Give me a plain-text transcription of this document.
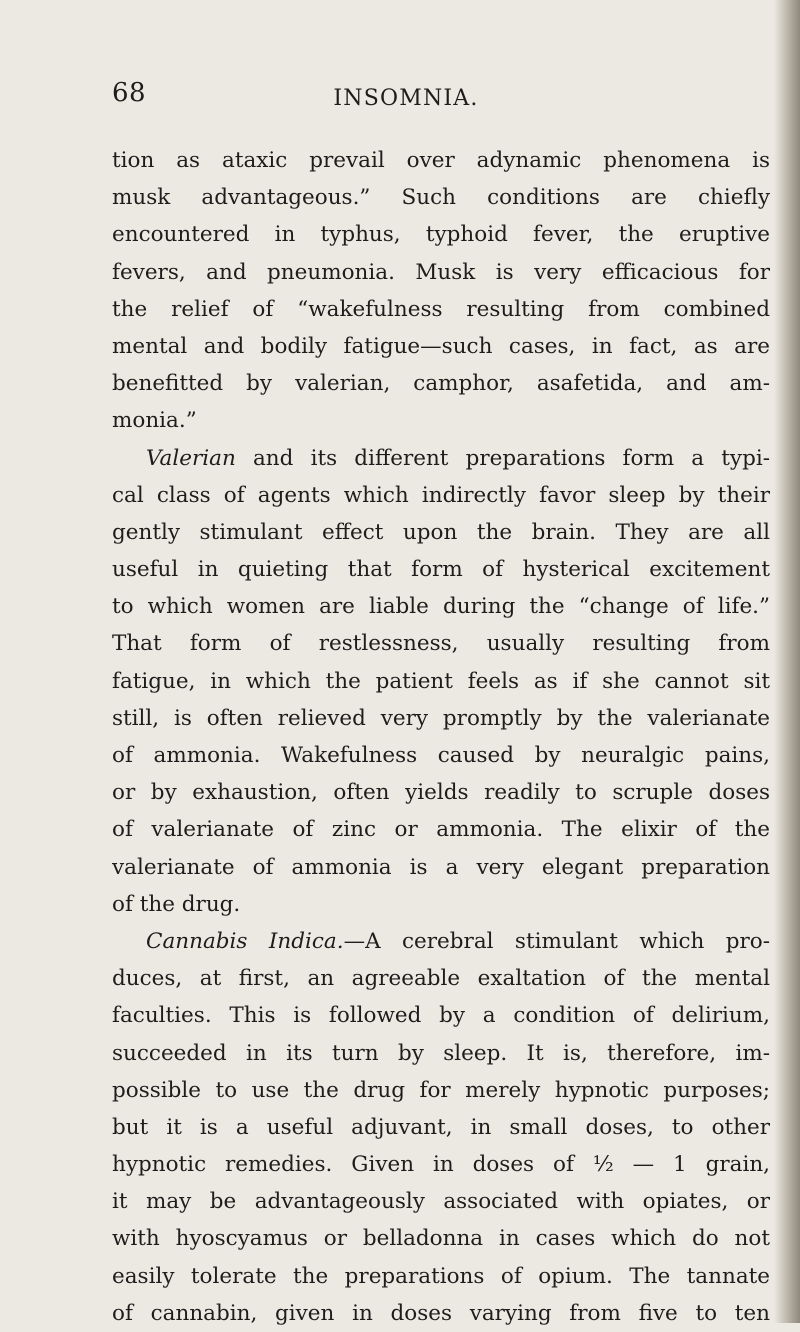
68	INSOMNIA.
tion as ataxic prevail over adynamic phenomena is
musk advantageous.” Such conditions are chiefly
encountered in typhus, typhoid fever, the eruptive
fevers, and pneumonia. Musk is very efficacious for
the relief of “wakefulness resulting from combined
mental and bodily fatigue—such cases, in fact, as are
benefitted by valerian, camphor, asafetida, and am-
monia.”
Valerian and its different preparations form a typi-
cal class of agents which indirectly favor sleep by their
gently stimulant effect upon the brain. They are all
useful in quieting that form of hysterical excitement
to which women are liable during the “change of life.”
That form of restlessness, usually resulting from
fatigue, in which the patient feels as if she cannot sit
still, is often relieved very promptly by the valerianate
of ammonia. Wakefulness caused by neuralgic pains,
or by exhaustion, often yields readily to scruple doses
of valerianate of zinc or ammonia. The elixir of the
valerianate of ammonia is a very elegant preparation
of the drug.
Cannabis Indica.—A cerebral stimulant which pro-
duces, at first, an agreeable exaltation of the mental
faculties. This is followed by a condition of delirium,
succeeded in its turn by sleep. It is, therefore, im-
possible to use the drug for merely hypnotic purposes;
but it is a useful adjuvant, in small doses, to other
hypnotic remedies. Given in doses of ½ — 1 grain,
it may be advantageously associated with opiates, or
with hyoscyamus or belladonna in cases which do not
easily tolerate the preparations of opium. The tannate
of cannabin, given in doses varying from five to ten
